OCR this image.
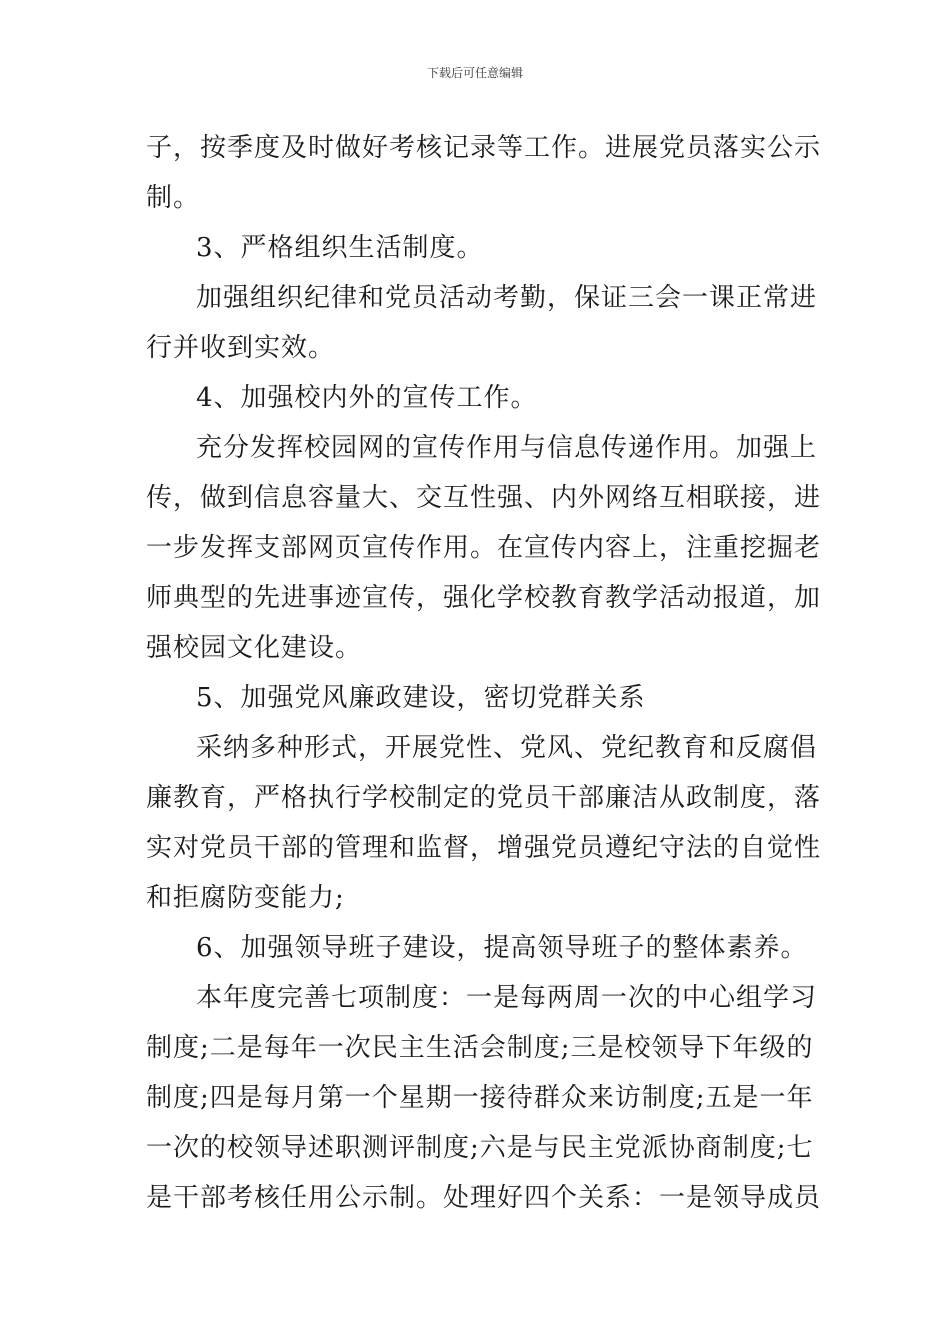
下载后可任意编辑
子，按季度及时做好考核记录等工作。进展党员落实公示
制。
3、严格组织生活制度。
加强组织纪律和党员活动考勤，保证三会一课正常进
行并收到实效。
4、加强校内外的宣传工作。
充分发挥校园网的宣传作用与信息传递作用。加强上
传，做到信息容量大、交互性强、内外网络互相联接，进
一步发挥支部网页宣传作用。在宣传内容上，注重挖掘老
师典型的先进事迹宣传，强化学校教育教学活动报道，加
强校园文化建设。
5、加强党风廉政建设，密切党群关系
采纳多种形式，开展党性、党风、党纪教育和反腐倡
廉教育，严格执行学校制定的党员干部廉洁从政制度，落
实对党员干部的管理和监督，增强党员遵纪守法的自觉性
和拒腐防变能力;
6、加强领导班子建设，提高领导班子的整体素养。
本年度完善七项制度：一是每两周一次的中心组学习
制度;二是每年一次民主生活会制度;三是校领导下年级的
制度;四是每月第一个星期一接待群众来访制度;五是一年
一次的校领导述职测评制度;六是与民主党派协商制度;七
是干部考核任用公示制。处理好四个关系：一是领导成员
